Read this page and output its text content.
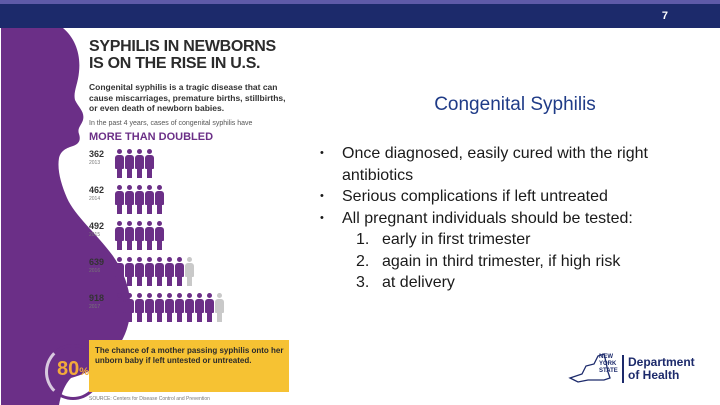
7
SYPHILIS IN NEWBORNS IS ON THE RISE IN U.S.
Congenital syphilis is a tragic disease that can cause miscarriages, premature births, stillbirths, or even death of newborn babies.
In the past 4 years, cases of congenital syphilis have
MORE THAN DOUBLED
362
2013
462
2014
492
2015
639
2016
918
2017
80%
The chance of a mother passing syphilis onto her unborn baby if left untested or untreated.
SOURCE: Centers for Disease Control and Prevention
Congenital Syphilis
• Once diagnosed, easily cured with the right antibiotics
• Serious complications if left untreated
• All pregnant individuals should be tested:
1. early in first trimester
2. again in third trimester, if high risk
3. at delivery
NEW
YORK
STATE
Department
of Health
